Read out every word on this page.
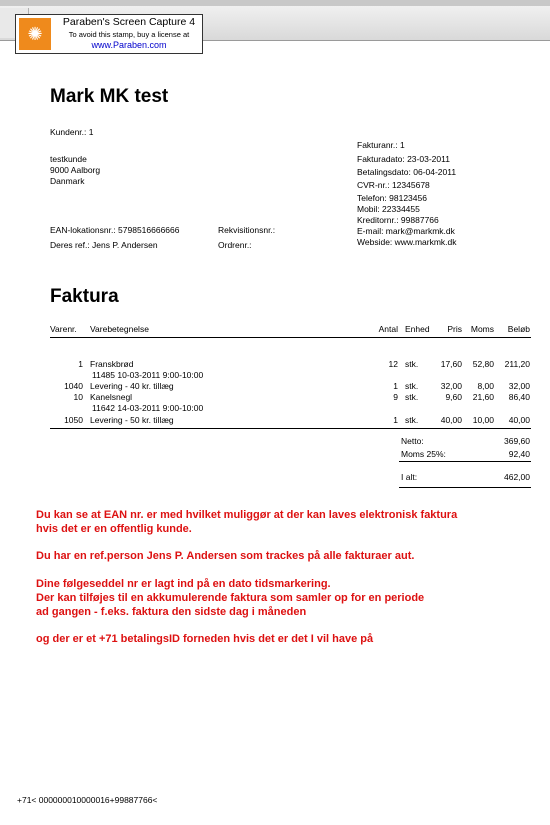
✺
Paraben's Screen Capture 4
To avoid this stamp, buy a license at
www.Paraben.com
Mark MK test
Kundenr.: 1
testkunde
9000 Aalborg
Danmark
EAN-lokationsnr.: 5798516666666	Rekvisitionsnr.:
Deres ref.: Jens P. Andersen	Ordrenr.:
Fakturanr.: 1
Fakturadato: 23-03-2011
Betalingsdato: 06-04-2011
CVR-nr.: 12345678
Telefon: 98123456
Mobil: 22334455
Kreditornr.: 99887766
E-mail: mark@markmk.dk
Webside: www.markmk.dk
Faktura
Varenr. Varebetegnelse	Antal Enhed	Pris	Moms	Beløb
1 Franskbrød	12 stk.	17,60	52,80	211,20
11485 10-03-2011 9:00-10:00
1040 Levering - 40 kr. tillæg	1 stk.	32,00	8,00	32,00
10 Kanelsnegl	9 stk.	9,60	21,60	86,40
11642 14-03-2011 9:00-10:00
1050 Levering - 50 kr. tillæg	1 stk.	40,00	10,00	40,00
Netto:	369,60
Moms 25%:	92,40
I alt:	462,00
Du kan se at EAN nr. er med hvilket muliggør at der kan laves elektronisk faktura
hvis det er en offentlig kunde.
Du har en ref.person Jens P. Andersen som trackes på alle fakturaer aut.
Dine følgeseddel nr er lagt ind på en dato tidsmarkering.
Der kan tilføjes til en akkumulerende faktura som samler op for en periode
ad gangen - f.eks. faktura den sidste dag i måneden
og der er et +71 betalingsID forneden hvis det er det I vil have på
+71< 000000010000016+99887766<
